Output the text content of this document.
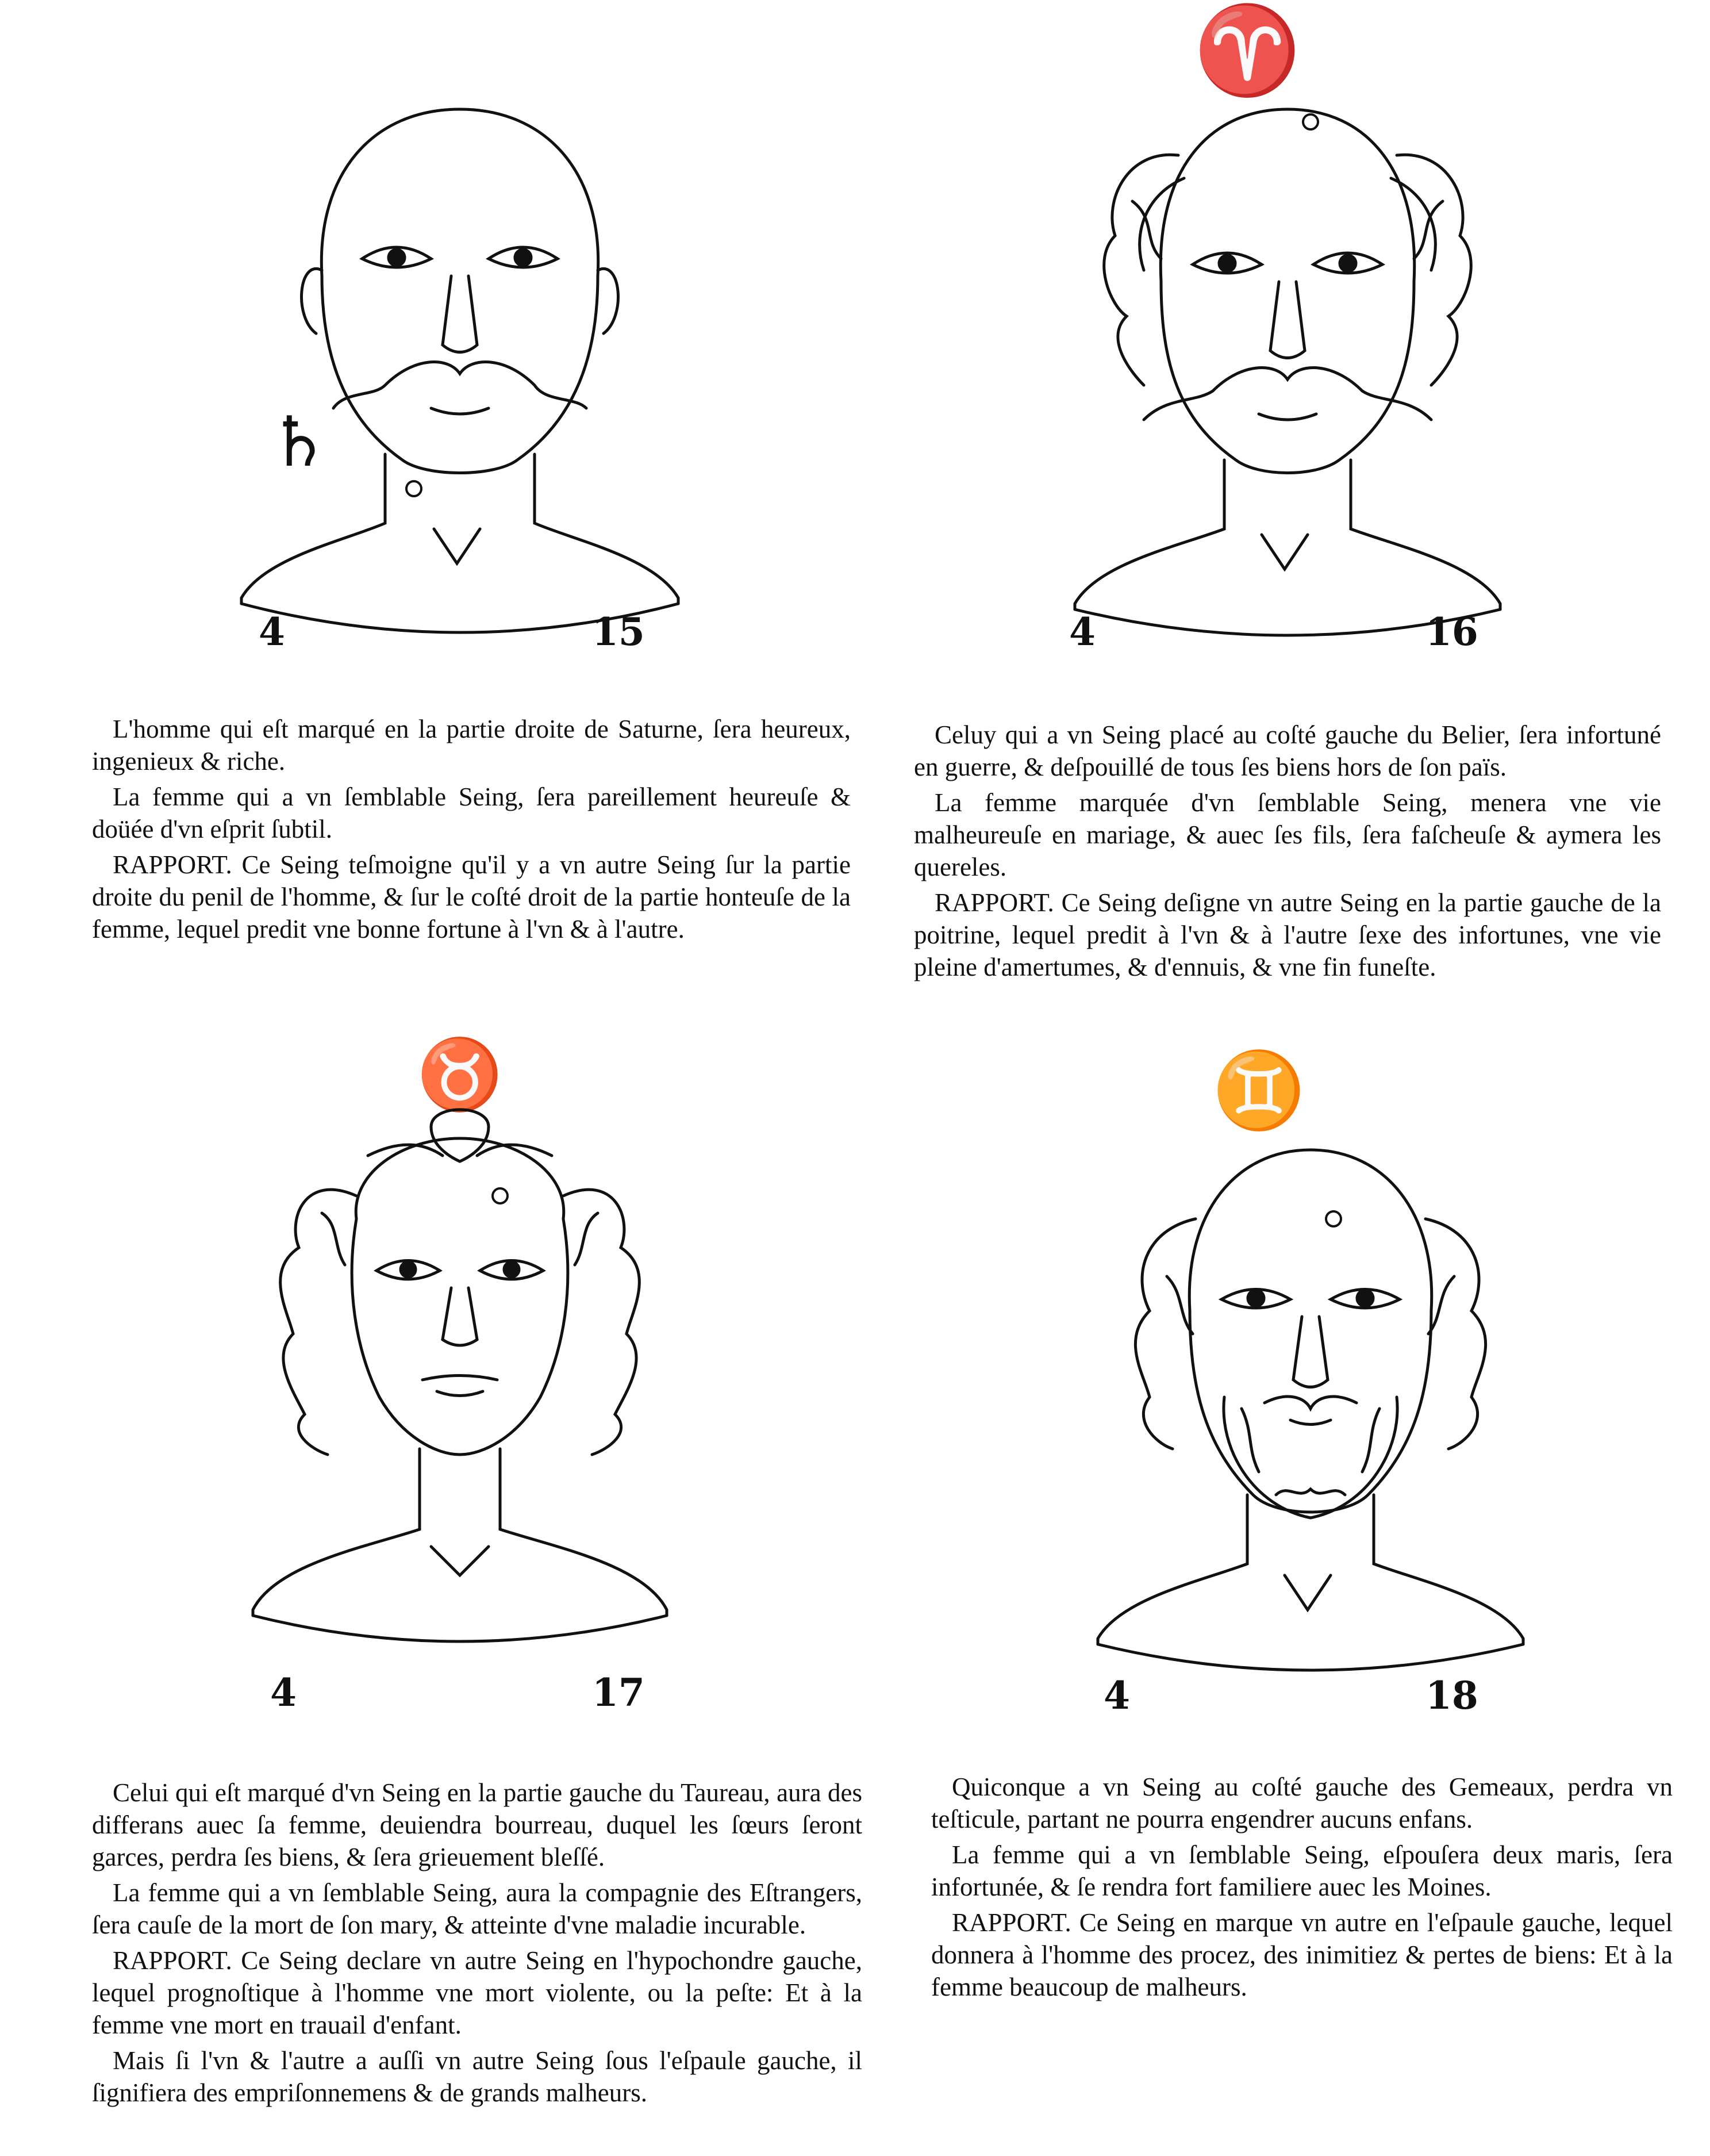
♄
4	15

L'homme qui eſt marqué en la partie droite de Saturne, ſera heureux, ingenieux & riche.

La femme qui a vn ſemblable Seing, ſera pareillement heureuſe & doüée d'vn eſprit ſubtil.

RAPPORT. Ce Seing teſmoigne qu'il y a vn autre Seing ſur la partie droite du penil de l'homme, & ſur le coſté droit de la partie honteuſe de la femme, lequel predit vne bonne fortune à l'vn & à l'autre.

♈
4	16

Celuy qui a vn Seing placé au coſté gauche du Belier, ſera infortuné en guerre, & deſpouillé de tous ſes biens hors de ſon païs.

La femme marquée d'vn ſemblable Seing, menera vne vie malheureuſe en mariage, & auec ſes fils, ſera faſcheuſe & aymera les quereles.

RAPPORT. Ce Seing deſigne vn autre Seing en la partie gauche de la poitrine, lequel predit à l'vn & à l'autre ſexe des infortunes, vne vie pleine d'amertumes, & d'ennuis, & vne fin funeſte.

♉
4	17

Celui qui eſt marqué d'vn Seing en la partie gauche du Taureau, aura des differans auec ſa femme, deuiendra bourreau, duquel les ſœurs ſeront garces, perdra ſes biens, & ſera grieuement bleſſé.

La femme qui a vn ſemblable Seing, aura la compagnie des Eſtrangers, ſera cauſe de la mort de ſon mary, & atteinte d'vne maladie incurable.

RAPPORT. Ce Seing declare vn autre Seing en l'hypochondre gauche, lequel prognoſtique à l'homme vne mort violente, ou la peſte: Et à la femme vne mort en trauail d'enfant.

Mais ſi l'vn & l'autre a auſſi vn autre Seing ſous l'eſpaule gauche, il ſignifiera des empriſonnemens & de grands malheurs.

♊
4	18

Quiconque a vn Seing au coſté gauche des Gemeaux, perdra vn teſticule, partant ne pourra engendrer aucuns enfans.

La femme qui a vn ſemblable Seing, eſpouſera deux maris, ſera infortunée, & ſe rendra fort familiere auec les Moines.

RAPPORT. Ce Seing en marque vn autre en l'eſpaule gauche, lequel donnera à l'homme des procez, des inimitiez & pertes de biens: Et à la femme beaucoup de malheurs.
